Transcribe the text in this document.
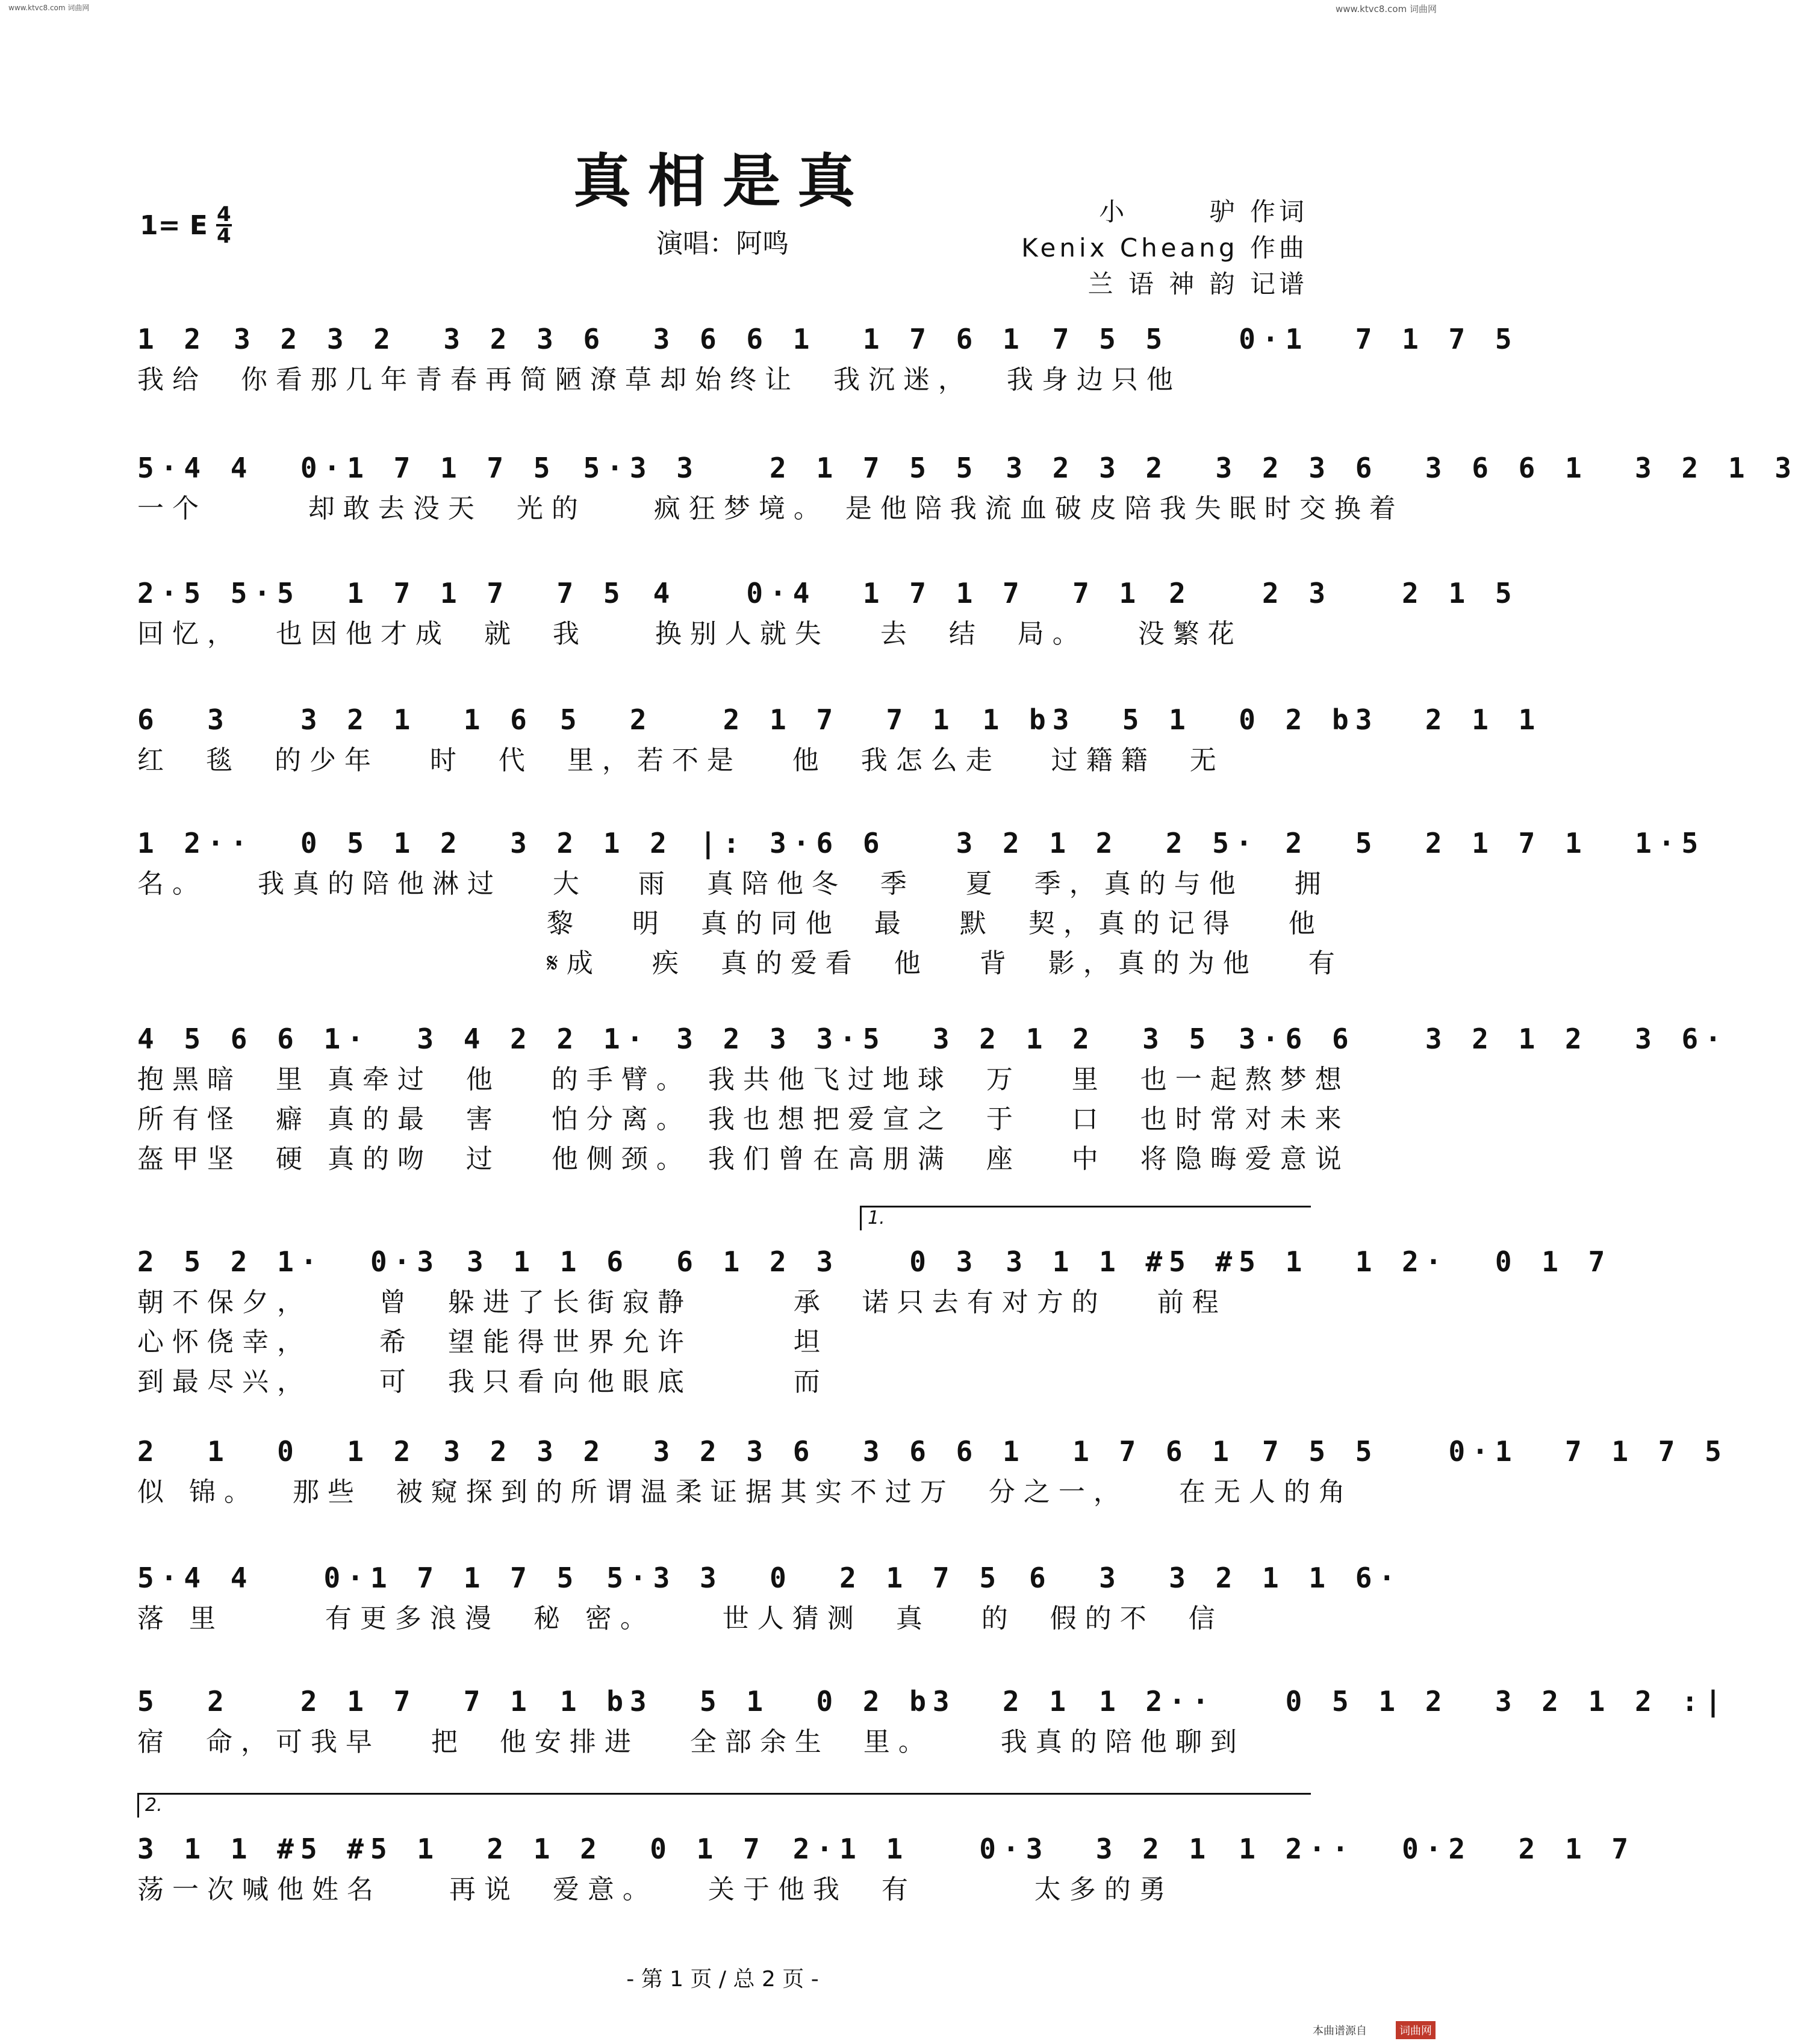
www.ktvc8.com 词曲网	www.ktvc8.com 词曲网
真相是真
1= E $\frac{4}{4}$	演唱：阿鸣
小       驴 作词
Kenix Cheang 作曲
兰 语 神 韵 记谱
1 2 3 2 3 2  3 2 3 6  3 6 6 1  1 7 6 1 7 5 5   0·1  7 1 7 5
我给  你看那几年青春再简陋潦草却始终让  我沉迷，  我身边只他
5·4 4  0·1 7 1 7 5 5·3 3   2 1 7 5 5 3 2 3 2  3 2 3 6  3 6 6 1  3 2 1 3
一个      却敢去没天  光的    疯狂梦境。 是他陪我流血破皮陪我失眠时交换着
2·5 5·5  1 7 1 7  7 5 4   0·4  1 7 1 7  7 1 2   2 3   2 1 5
回忆，  也因他才成  就  我    换别人就失   去  结  局。   没繁花
6  3   3 2 1  1 6 5  2   2 1 7  7 1 1 b3  5 1  0 2 b3  2 1 1
红  毯  的少年   时  代  里，若不是   他  我怎么走   过籍籍  无
1 2··  0 5 1 2  3 2 1 2 |: 3·6 6   3 2 1 2  2 5· 2  5  2 1 7 1  1·5
名。   我真的陪他淋过   大   雨  真陪他冬  季   夏  季，真的与他   拥
黎   明  真的同他  最   默  契，真的记得   他
𝄋成   疾  真的爱看  他   背  影，真的为他   有
4 5 6 6 1·  3 4 2 2 1· 3 2 3 3·5  3 2 1 2  3 5 3·6 6   3 2 1 2  3 6·
抱黑暗  里 真牵过  他   的手臂。 我共他飞过地球  万   里  也一起熬梦想
所有怪  癖 真的最  害   怕分离。 我也想把爱宣之  于   口  也时常对未来
盔甲坚  硬 真的吻  过   他侧颈。 我们曾在高朋满  座   中  将隐晦爱意说
1.
2 5 2 1·  0·3 3 1 1 6  6 1 2 3   0 3 3 1 1 #5 #5 1  1 2·  0 1 7
朝不保夕，    曾  躲进了长街寂静      承  诺只去有对方的   前程
心怀侥幸，    希  望能得世界允许      坦
到最尽兴，    可  我只看向他眼底      而
2  1  0  1 2 3 2 3 2  3 2 3 6  3 6 6 1  1 7 6 1 7 5 5   0·1  7 1 7 5
似 锦。  那些  被窥探到的所谓温柔证据其实不过万  分之一，   在无人的角
5·4 4   0·1 7 1 7 5 5·3 3  0  2 1 7 5 6  3  3 2 1 1 6·
落 里      有更多浪漫  秘 密。    世人猜测  真   的  假的不  信
5  2   2 1 7  7 1 1 b3  5 1  0 2 b3  2 1 1 2··   0 5 1 2  3 2 1 2 :|
宿  命，可我早   把  他安排进   全部余生  里。    我真的陪他聊到
2.
3 1 1 #5 #5 1  2 1 2  0 1 7 2·1 1   0·3  3 2 1 1 2··  0·2  2 1 7
荡一次喊他姓名    再说  爱意。   关于他我  有       太多的勇
- 第 1 页 / 总 2 页 -
本曲谱源自	词曲网
